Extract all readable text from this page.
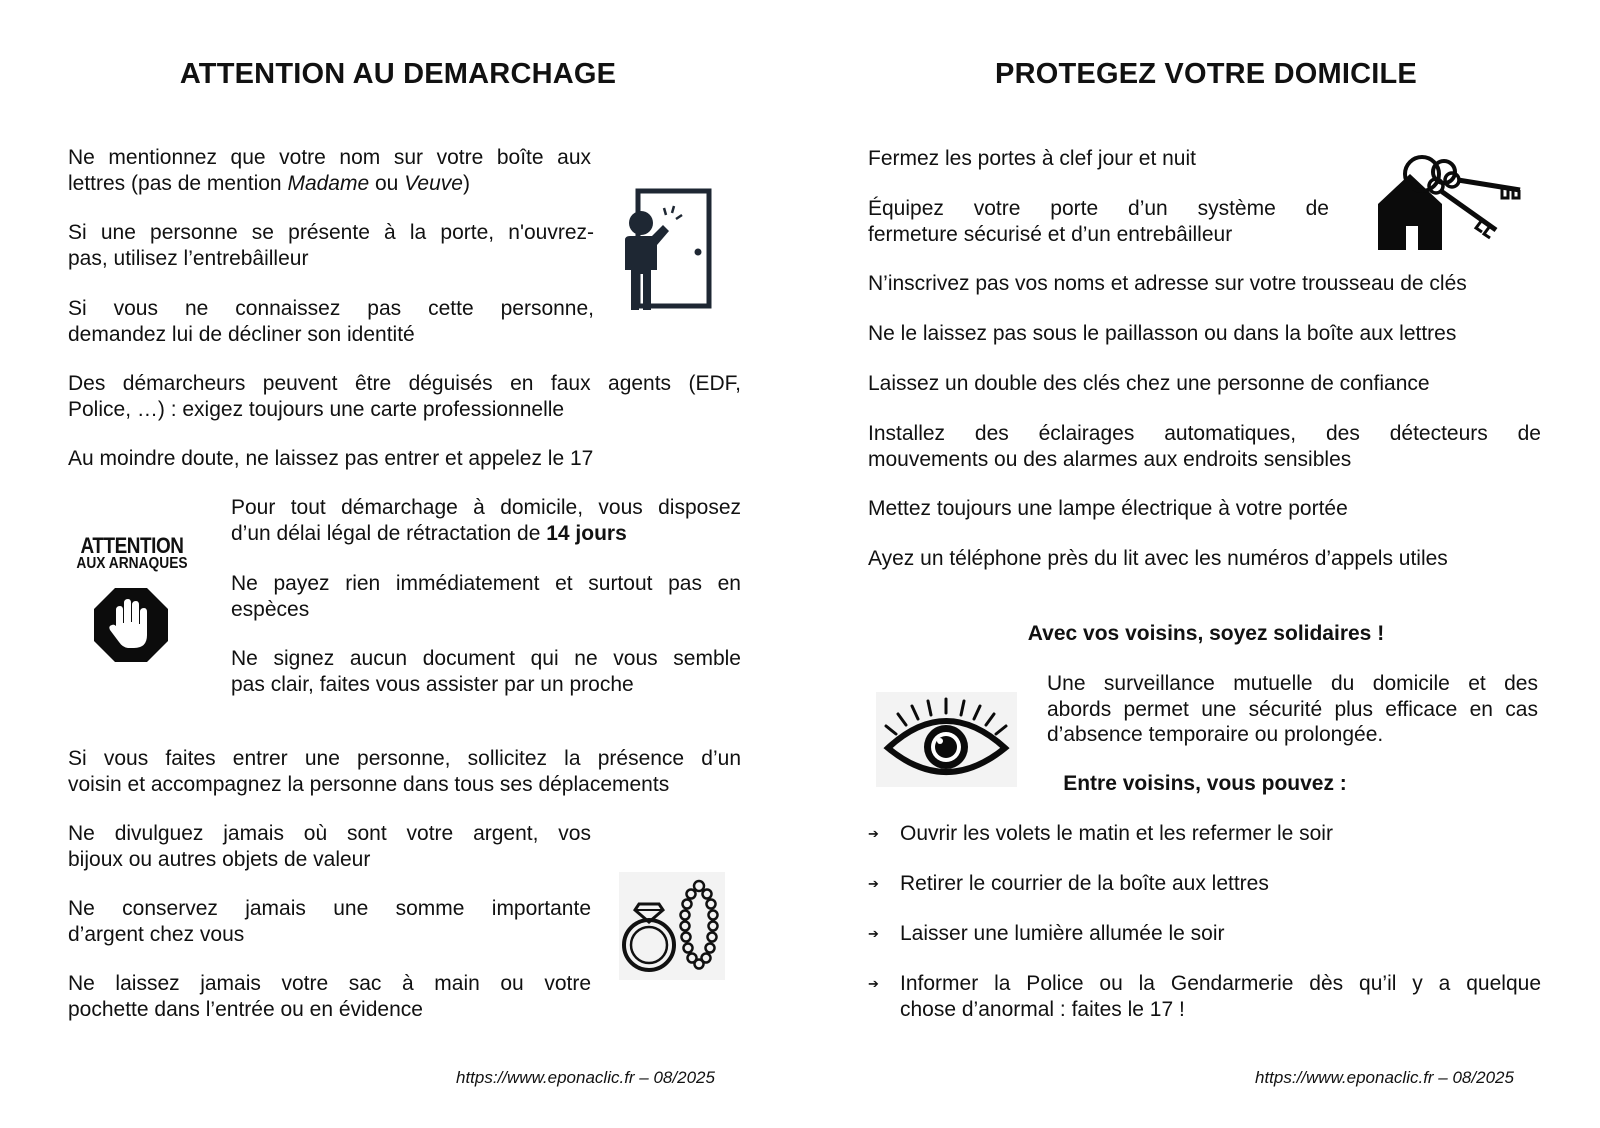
ATTENTION AU DEMARCHAGE
Ne mentionnez que votre nom sur votre boîte aux
lettres (pas de mention Madame ou Veuve)
Si une personne se présente à la porte, n'ouvrez-
pas, utilisez l’entrebâilleur
Si vous ne connaissez pas cette personne,
demandez lui de décliner son identité
Des démarcheurs peuvent être déguisés en faux agents (EDF,
Police, …) : exigez toujours une carte professionnelle
Au moindre doute, ne laissez pas entrer et appelez le 17
ATTENTION
AUX ARNAQUES
Pour tout démarchage à domicile, vous disposez
d’un délai légal de rétractation de 14 jours
Ne payez rien immédiatement et surtout pas en
espèces
Ne signez aucun document qui ne vous semble
pas clair, faites vous assister par un proche
Si vous faites entrer une personne, sollicitez la présence d’un
voisin et accompagnez la personne dans tous ses déplacements
Ne divulguez jamais où sont votre argent, vos
bijoux ou autres objets de valeur
Ne conservez jamais une somme importante
d’argent chez vous
Ne laissez jamais votre sac à main ou votre
pochette dans l’entrée ou en évidence
https://www.eponaclic.fr – 08/2025
PROTEGEZ VOTRE DOMICILE
Fermez les portes à clef jour et nuit
Équipez votre porte d’un système de
fermeture sécurisé et d’un entrebâilleur
N’inscrivez pas vos noms et adresse sur votre trousseau de clés
Ne le laissez pas sous le paillasson ou dans la boîte aux lettres
Laissez un double des clés chez une personne de confiance
Installez des éclairages automatiques, des détecteurs de
mouvements ou des alarmes aux endroits sensibles
Mettez toujours une lampe électrique à votre portée
Ayez un téléphone près du lit avec les numéros d’appels utiles
Avec vos voisins, soyez solidaires !
Une surveillance mutuelle du domicile et des
abords permet une sécurité plus efficace en cas
d’absence temporaire ou prolongée.
Entre voisins, vous pouvez :
➔ Ouvrir les volets le matin et les refermer le soir
➔ Retirer le courrier de la boîte aux lettres
➔ Laisser une lumière allumée le soir
➔ Informer la Police ou la Gendarmerie dès qu’il y a quelque
chose d’anormal : faites le 17 !
https://www.eponaclic.fr – 08/2025
